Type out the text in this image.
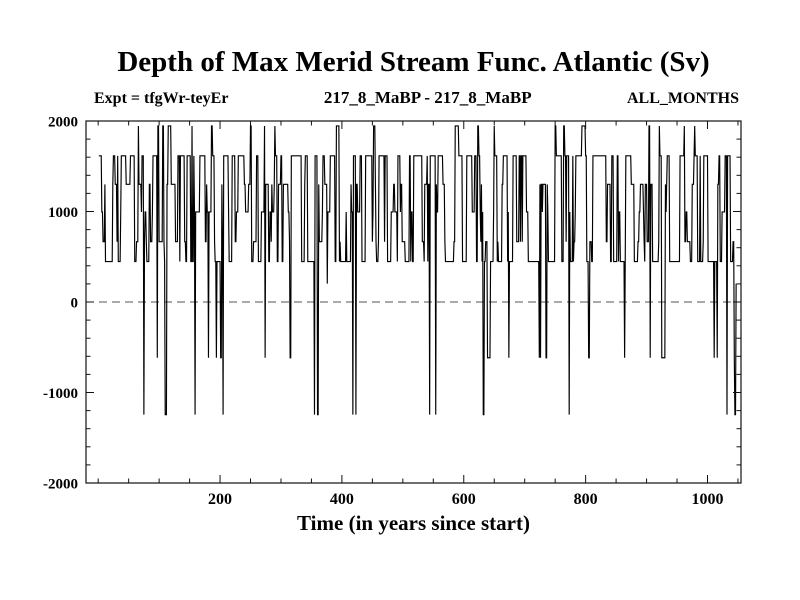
Depth of Max Merid Stream Func. Atlantic (Sv)
Expt = tfgWr-teyEr	217_8_MaBP - 217_8_MaBP	ALL_MONTHS
-2000
-1000
0
1000
2000
200	400	600	800	1000
Time (in years since start)
